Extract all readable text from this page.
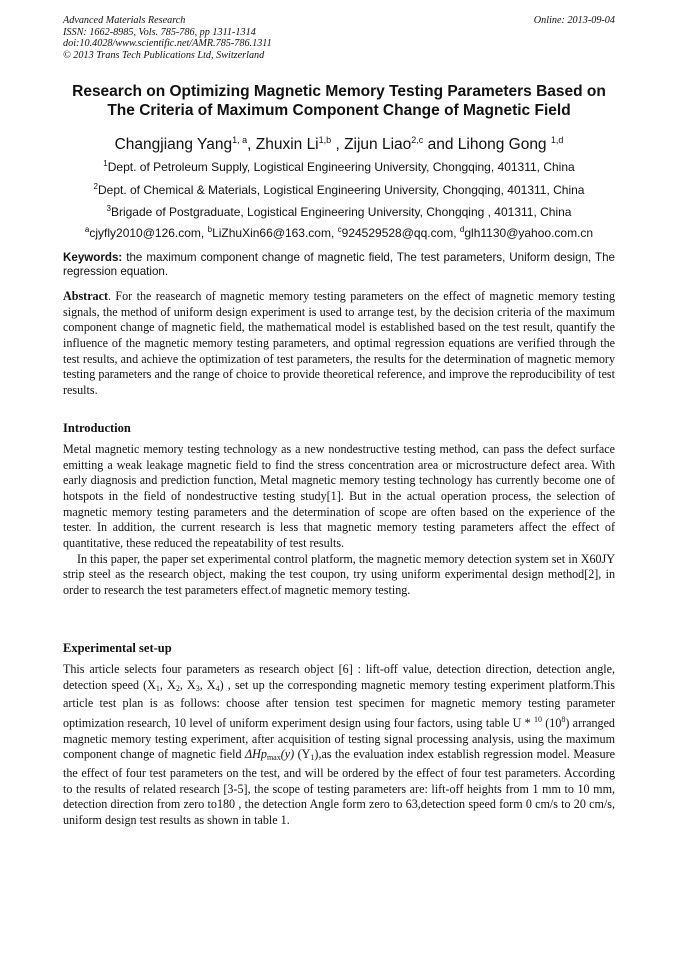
Advanced Materials Research
ISSN: 1662-8985, Vols. 785-786, pp 1311-1314
doi:10.4028/www.scientific.net/AMR.785-786.1311
© 2013 Trans Tech Publications Ltd, Switzerland
Online: 2013-09-04
Research on Optimizing Magnetic Memory Testing Parameters Based on
The Criteria of Maximum Component Change of Magnetic Field
Changjiang Yang$^{1, a}$, Zhuxin Li$^{1,b}$ , Zijun Liao$^{2,c}$ and Lihong Gong $^{1,d}$
$^1$Dept. of Petroleum Supply, Logistical Engineering University, Chongqing, 401311, China
$^2$Dept. of Chemical & Materials, Logistical Engineering University, Chongqing, 401311, China
$^3$Brigade of Postgraduate, Logistical Engineering University, Chongqing , 401311, China
$^a$cjyfly2010@126.com, $^b$LiZhuXin66@163.com, $^c$924529528@qq.com, $^d$glh1130@yahoo.com.cn
Keywords: the maximum component change of magnetic field, The test parameters, Uniform design, The regression equation.

Abstract. For the reasearch of magnetic memory testing parameters on the effect of magnetic memory testing signals, the method of uniform design experiment is used to arrange test, by the decision criteria of the maximum component change of magnetic field, the mathematical model is established based on the test result, quantify the influence of the magnetic memory testing parameters, and optimal regression equations are verified through the test results, and achieve the optimization of test parameters, the results for the determination of magnetic memory testing parameters and the range of choice to provide theoretical reference, and improve the reproducibility of test results.

Introduction

Metal magnetic memory testing technology as a new nondestructive testing method, can pass the defect surface emitting a weak leakage magnetic field to find the stress concentration area or microstructure defect area. With early diagnosis and prediction function, Metal magnetic memory testing technology has currently become one of hotspots in the field of nondestructive testing study[1]. But in the actual operation process, the selection of magnetic memory testing parameters and the determination of scope are often based on the experience of the tester. In addition, the current research is less that magnetic memory testing parameters affect the effect of quantitative, these reduced the repeatability of test results.

In this paper, the paper set experimental control platform, the magnetic memory detection system set in X60JY strip steel as the research object, making the test coupon, try using uniform experimental design method[2], in order to research the test parameters effect.of magnetic memory testing.

Experimental set-up

This article selects four parameters as research object [6] : lift-off value, detection direction, detection angle, detection speed ($X_1$, $X_2$, $X_3$, $X_4$) , set up the corresponding magnetic memory testing experiment platform.This article test plan is as follows: choose after tension test specimen for magnetic memory testing parameter optimization research, 10 level of uniform experiment design using four factors, using table U * $^{10}$ $(10^8)$ arranged magnetic memory testing experiment, after acquisition of testing signal processing analysis, using the maximum component change of magnetic field ΔHp$_{max}$(y) $(Y_1),as$ the evaluation index establish regression model. Measure the effect of four test parameters on the test, and will be ordered by the effect of four test parameters. According to the results of related research [3-5], the scope of testing parameters are: lift-off heights from 1 mm to 10 mm, detection direction from zero to180 , the detection Angle form zero to 63,detection speed form 0 cm/s to 20 cm/s, uniform design test results as shown in table 1.
